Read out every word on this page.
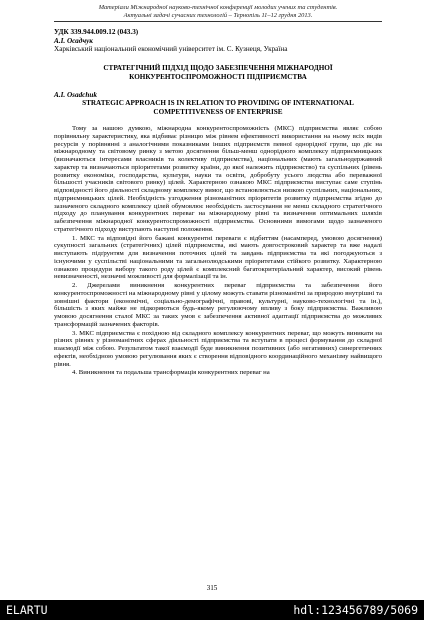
Матеріали Міжнародної науково-технічної конференції молодих учених та студентів.

Актуальні задачі сучасних технологій – Тернопіль 11–12 грудня 2013.
УДК 339.944.009.12 (043.3)
А.І. Осадчук
Харківський національний економічний університет ім. С. Кузнеця, Україна
СТРАТЕГІЧНИЙ ПІДХІД ЩОДО ЗАБЕЗПЕЧЕННЯ МІЖНАРОДНОЇ КОНКУРЕНТОСПРОМОЖНОСТІ ПІДПРИЄМСТВА
A.I. Osadchuk
STRATEGIC APPROACH IS IN RELATION TO PROVIDING OF INTERNATIONAL COMPETITIVENESS OF ENTERPRISE

Тому за нашою думкою, міжнародна конкурентоспроможність (МКС) підприємства являє собою порівняльну характеристику, яка відбиває різницю між рівнем ефективності використання на ньому всіх видів ресурсів у порівнянні з аналогічними показниками інших підприємств певної однорідної групи, що діє на міжнародному та світовому ринку з метою досягнення більш-менш однорідного комплексу підприємницьких (визначаються інтересами власників та колективу підприємства), національних (мають загальнодержавний характер та визначаються пріоритетами розвитку країни, до якої належить підприємство) та суспільних (рівень розвитку економіки, господарства, культури, науки та освіти, добробуту усього людства або переважної більшості учасників світового ринку) цілей. Характерною ознакою МКС підприємства виступає саме ступінь відповідності його діяльності складному комплексу вимог, що встановлюється низкою суспільних, національних, підприємницьких цілей. Необхідність узгодження різноманітних пріоритетів розвитку підприємства згідно до зазначеного складного комплексу цілей обумовлює необхідність застосування не менш складного стратегічного підходу до планування конкурентних переваг на міжнародному рівні та визначення оптимальних шляхів забезпечення міжнародної конкурентоспроможності підприємства. Основними вимогами щодо зазначеного стратегічного підходу виступають наступні положення.

1. МКС та відповідні його бажані конкурентні переваги є відбиттям (насамперед, умовою досягнення) сукупності загальних (стратегічних) цілей підприємства, які мають довгостроковий характер та вже надалі виступають підґрунтям для визначення поточних цілей та завдань підприємства та які погоджуються з існуючими у суспільстві національними та загальнолюдськими пріоритетами стійкого розвитку. Характерною ознакою процедури вибору такого роду цілей є комплексний багатокритеріальний характер, високий рівень невизначеності, незначні можливості для формалізації та ін.

2. Джерелами виникнення конкурентних переваг підприємства та забезпечення його конкурентоспроможності на міжнародному рівні у цілому можуть ставати різноманітні за природою внутрішні та зовнішні фактори (економічні, соціально-демографічні, правові, культурні, науково-технологічні та ін.), більшість з яких майже не підкоряються будь-якому регулюючому впливу з боку підприємства. Важливою умовою досягнення сталої МКС за таких умов є забезпечення активної адаптації підприємства до можливих трансформацій зазначених факторів.

3. МКС підприємства є похідною від складного комплексу конкурентних переваг, що можуть виникати на різних рівнях у різноманітних сферах діяльності підприємства та вступати в процесі формування до складної взаємодії між собою. Результатом такої взаємодії буде виникнення позитивних (або негативних) синергетичних ефектів, необхідною умовою регулювання яких є створення відповідного координаційного механізму найвищого рівня.

4. Виникнення та подальша трансформація конкурентних переваг на

315
ELARTU	hdl:123456789/5069
